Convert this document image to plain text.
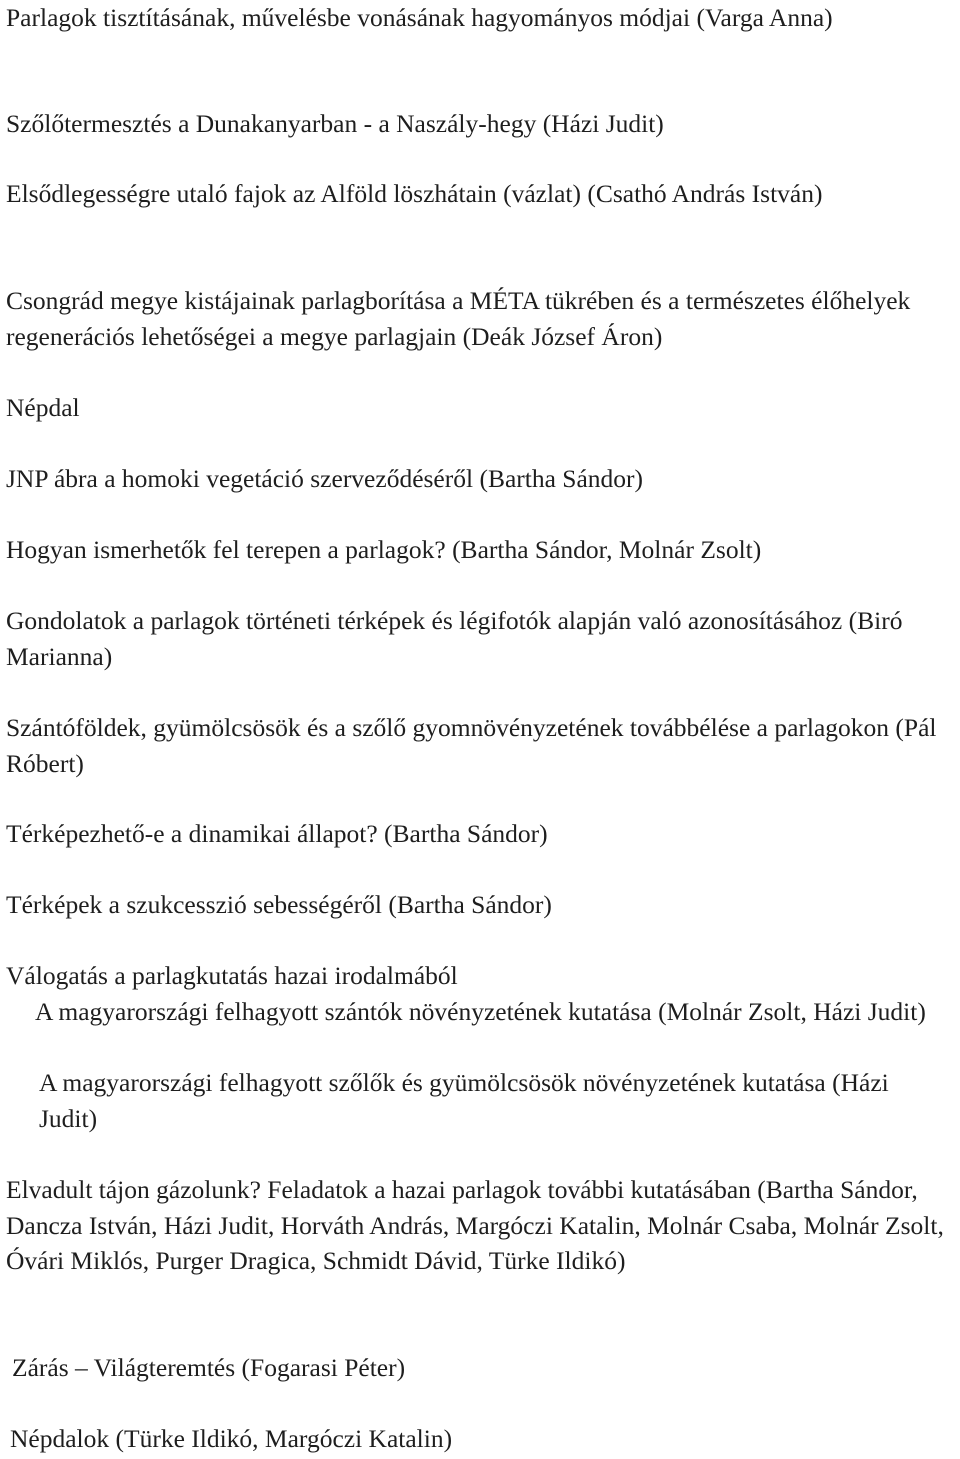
Parlagok tisztításának, művelésbe vonásának hagyományos módjai (Varga Anna)
Szőlőtermesztés a Dunakanyarban - a Naszály-hegy (Házi Judit)
Elsődlegességre utaló fajok az Alföld löszhátain (vázlat) (Csathó András István)
Csongrád megye kistájainak parlagborítása a MÉTA tükrében és a természetes élőhelyek regenerációs lehetőségei a megye parlagjain (Deák József Áron)
Népdal
JNP ábra a homoki vegetáció szerveződéséről (Bartha Sándor)
Hogyan ismerhetők fel terepen a parlagok? (Bartha Sándor, Molnár Zsolt)
Gondolatok a parlagok történeti térképek és légifotók alapján való azonosításához (Biró Marianna)
Szántóföldek, gyümölcsösök és a szőlő gyomnövényzetének továbbélése a parlagokon (Pál Róbert)
Térképezhető-e a dinamikai állapot? (Bartha Sándor)
Térképek a szukcesszió sebességéről (Bartha Sándor)
Válogatás a parlagkutatás hazai irodalmából
A magyarországi felhagyott szántók növényzetének kutatása (Molnár Zsolt, Házi Judit)
A magyarországi felhagyott szőlők és gyümölcsösök növényzetének kutatása (Házi Judit)
Elvadult tájon gázolunk? Feladatok a hazai parlagok további kutatásában (Bartha Sándor, Dancza István, Házi Judit, Horváth András, Margóczi Katalin, Molnár Csaba, Molnár Zsolt, Óvári Miklós, Purger Dragica, Schmidt Dávid, Türke Ildikó)
Zárás – Világteremtés (Fogarasi Péter)
Népdalok (Türke Ildikó, Margóczi Katalin)
